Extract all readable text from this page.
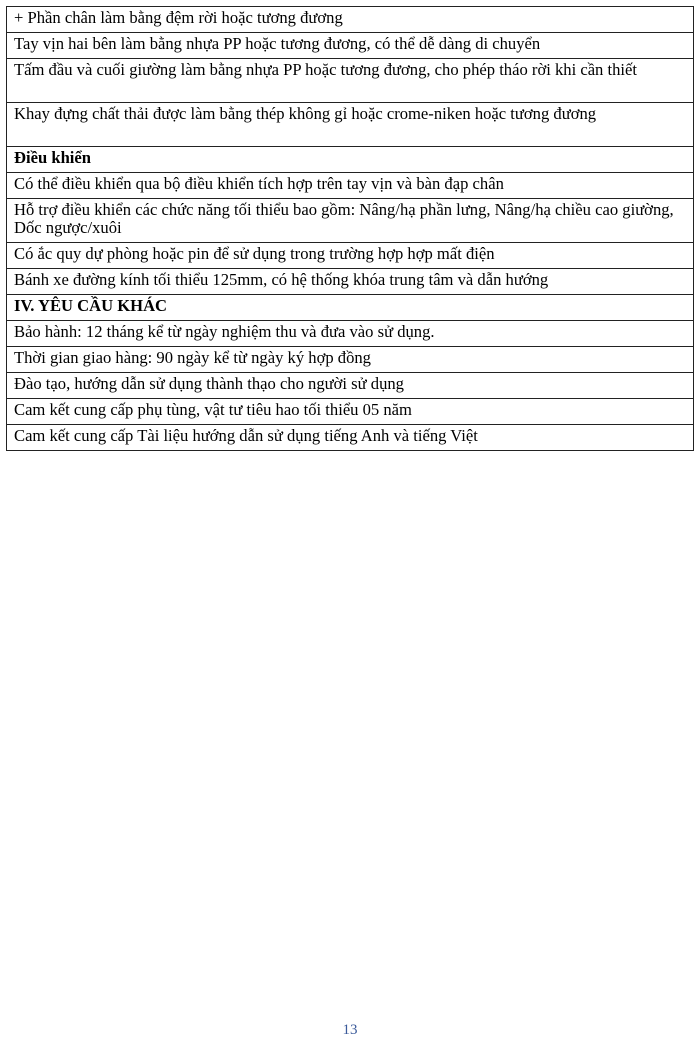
+ Phần chân làm bằng đệm rời hoặc tương đương
Tay vịn hai bên làm bằng nhựa PP hoặc tương đương, có thể dễ dàng di chuyển
Tấm đầu và cuối giường làm bằng nhựa PP hoặc tương đương, cho phép tháo rời khi cần thiết
Khay đựng chất thải được làm bằng thép không gỉ hoặc crome-niken hoặc tương đương
Điều khiển
Có thể điều khiển qua bộ điều khiển tích hợp trên tay vịn và bàn đạp chân
Hỗ trợ điều khiển các chức năng tối thiểu bao gồm: Nâng/hạ phần lưng, Nâng/hạ chiều cao giường, Dốc ngược/xuôi
Có ắc quy dự phòng hoặc pin để sử dụng trong trường hợp hợp mất điện
Bánh xe đường kính tối thiểu 125mm, có hệ thống khóa trung tâm và dẫn hướng
IV. YÊU CẦU KHÁC
Bảo hành: 12 tháng kể từ ngày nghiệm thu và đưa vào sử dụng.
Thời gian giao hàng: 90 ngày kể từ ngày ký hợp đồng
Đào tạo, hướng dẫn sử dụng thành thạo cho người sử dụng
Cam kết cung cấp phụ tùng, vật tư tiêu hao tối thiểu 05 năm
Cam kết cung cấp Tài liệu hướng dẫn sử dụng tiếng Anh và tiếng Việt
13
